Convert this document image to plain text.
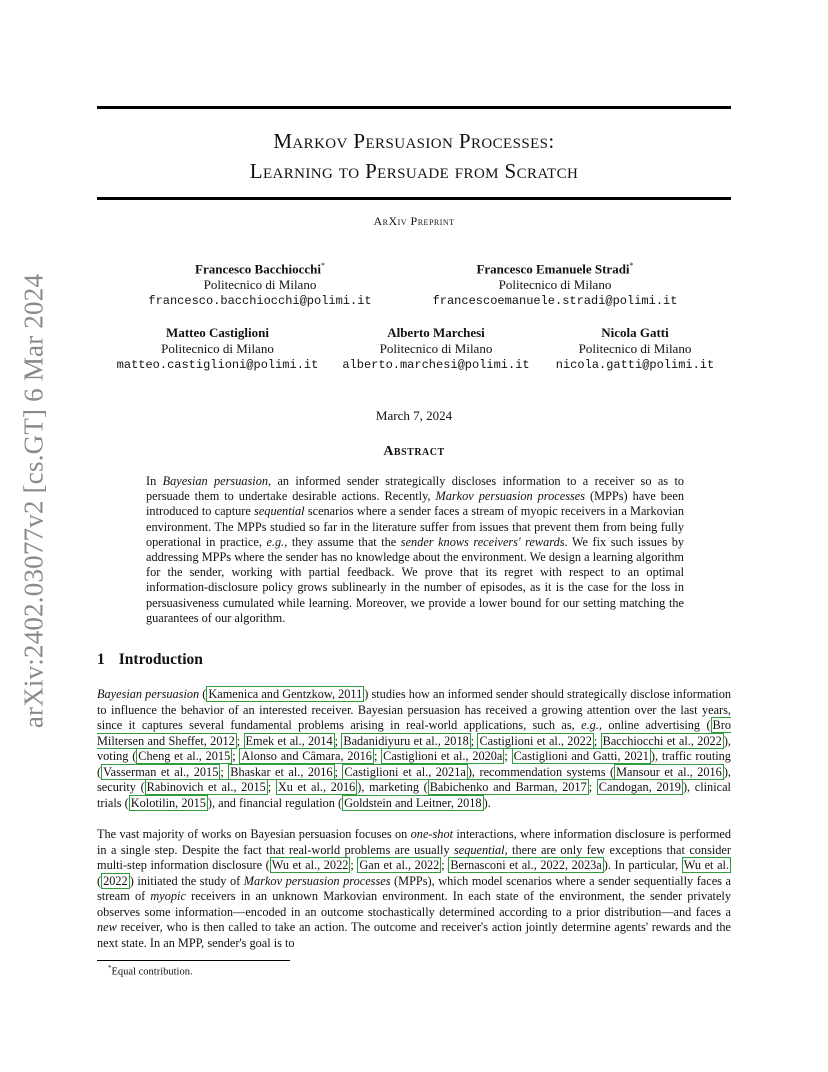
arXiv:2402.03077v2 [cs.GT] 6 Mar 2024
Markov Persuasion Processes:
Learning to Persuade from Scratch
ArXiv Preprint
Francesco Bacchiocchi*
Politecnico di Milano
francesco.bacchiocchi@polimi.it
Francesco Emanuele Stradi*
Politecnico di Milano
francescoemanuele.stradi@polimi.it
Matteo Castiglioni
Politecnico di Milano
matteo.castiglioni@polimi.it
Alberto Marchesi
Politecnico di Milano
alberto.marchesi@polimi.it
Nicola Gatti
Politecnico di Milano
nicola.gatti@polimi.it
March 7, 2024
Abstract
In Bayesian persuasion, an informed sender strategically discloses information to a receiver so as to persuade them to undertake desirable actions. Recently, Markov persuasion processes (MPPs) have been introduced to capture sequential scenarios where a sender faces a stream of myopic receivers in a Markovian environment. The MPPs studied so far in the literature suffer from issues that prevent them from being fully operational in practice, e.g., they assume that the sender knows receivers' rewards. We fix such issues by addressing MPPs where the sender has no knowledge about the environment. We design a learning algorithm for the sender, working with partial feedback. We prove that its regret with respect to an optimal information-disclosure policy grows sublinearly in the number of episodes, as it is the case for the loss in persuasiveness cumulated while learning. Moreover, we provide a lower bound for our setting matching the guarantees of our algorithm.
1 Introduction
Bayesian persuasion ( Kamenica and Gentzkow, 2011 ) studies how an informed sender should strategically disclose information to influence the behavior of an interested receiver. Bayesian persuasion has received a growing attention over the last years, since it captures several fundamental problems arising in real-world applications, such as, e.g., online advertising ( Bro Miltersen and Sheffet, 2012 ; Emek et al., 2014 ; Badanidiyuru et al., 2018 ; Castiglioni et al., 2022 ; Bacchiocchi et al., 2022 ), voting ( Cheng et al., 2015 ; Alonso and Câmara, 2016 ; Castiglioni et al., 2020a ; Castiglioni and Gatti, 2021 ), traffic routing ( Vasserman et al., 2015 ; Bhaskar et al., 2016 ; Castiglioni et al., 2021a ), recommendation systems ( Mansour et al., 2016 ), security ( Rabinovich et al., 2015 ; Xu et al., 2016 ), marketing ( Babichenko and Barman, 2017 ; Candogan, 2019 ), clinical trials ( Kolotilin, 2015 ), and financial regulation ( Goldstein and Leitner, 2018 ).
The vast majority of works on Bayesian persuasion focuses on one-shot interactions, where information disclosure is performed in a single step. Despite the fact that real-world problems are usually sequential, there are only few exceptions that consider multi-step information disclosure ( Wu et al., 2022 ; Gan et al., 2022 ; Bernasconi et al., 2022, 2023a ). In particular, Wu et al. ( 2022 ) initiated the study of Markov persuasion processes (MPPs), which model scenarios where a sender sequentially faces a stream of myopic receivers in an unknown Markovian environment. In each state of the environment, the sender privately observes some information—encoded in an outcome stochastically determined according to a prior distribution—and faces a new receiver, who is then called to take an action. The outcome and receiver's action jointly determine agents' rewards and the next state. In an MPP, sender's goal is to
*Equal contribution.
